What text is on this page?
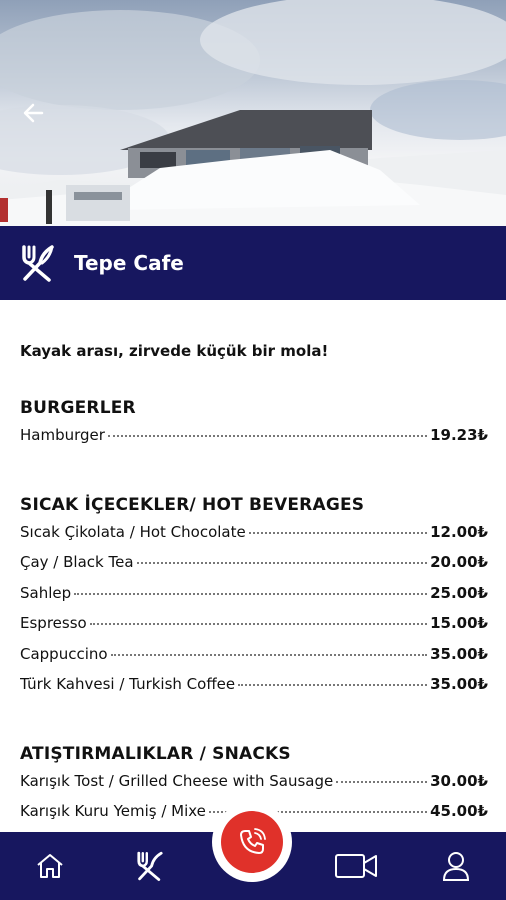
Tepe Cafe
Kayak arası, zirvede küçük bir mola!
BURGERLER
Hamburger	19.23₺
SICAK İÇECEKLER/ HOT BEVERAGES
Sıcak Çikolata / Hot Chocolate	12.00₺
Çay / Black Tea	20.00₺
Sahlep	25.00₺
Espresso	15.00₺
Cappuccino	35.00₺
Türk Kahvesi / Turkish Coffee	35.00₺
ATIŞTIRMALIKLAR / SNACKS
Karışık Tost / Grilled Cheese with Sausage	30.00₺
Karışık Kuru Yemiş / Mixe	45.00₺
